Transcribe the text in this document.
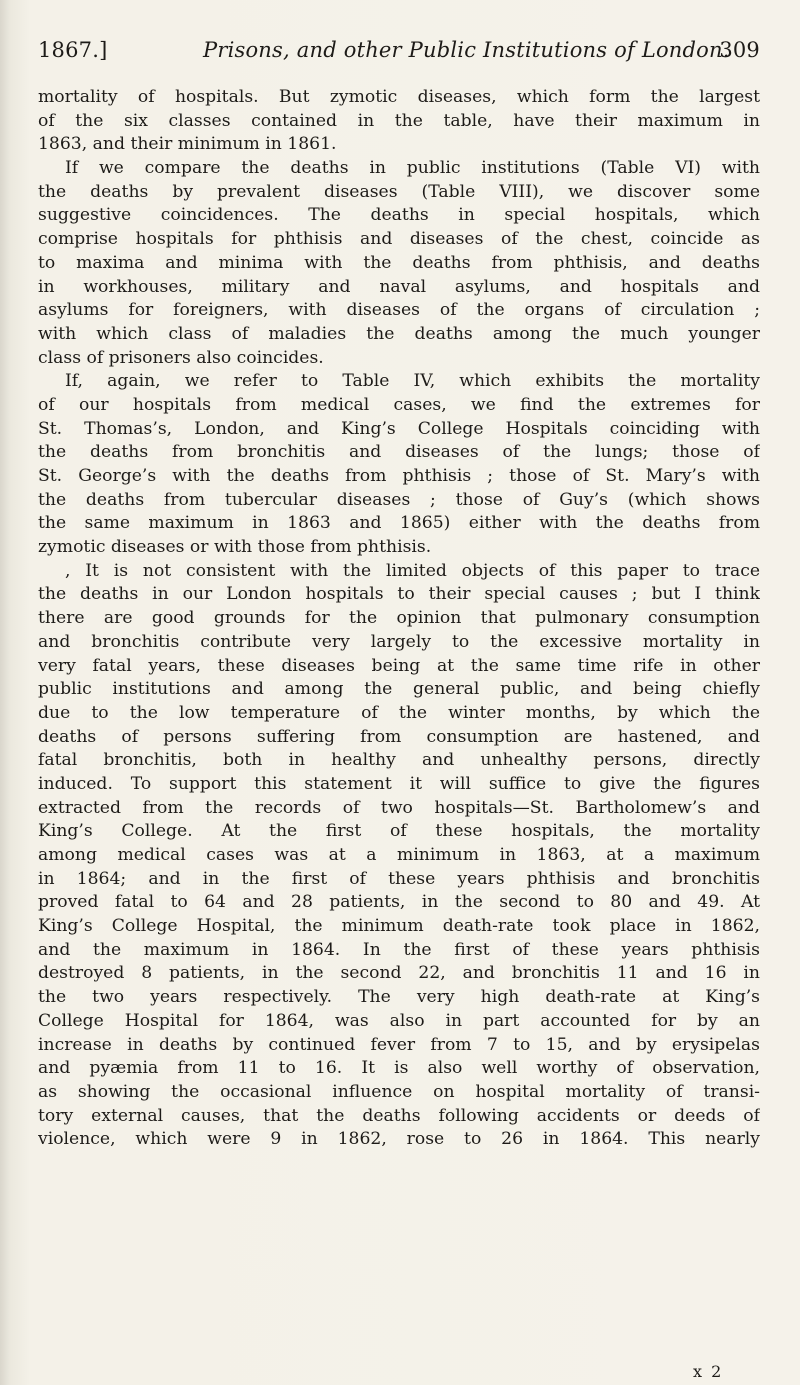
1867.]	Prisons, and other Public Institutions of London.
309
mortality of hospitals. But zymotic diseases, which form the largest
of the six classes contained in the table, have their maximum in
1863, and their minimum in 1861.
If we compare the deaths in public institutions (Table VI) with
the deaths by prevalent diseases (Table VIII), we discover some
suggestive coincidences. The deaths in special hospitals, which
comprise hospitals for phthisis and diseases of the chest, coincide as
to maxima and minima with the deaths from phthisis, and deaths
in workhouses, military and naval asylums, and hospitals and
asylums for foreigners, with diseases of the organs of circulation ;
with which class of maladies the deaths among the much younger
class of prisoners also coincides.
If, again, we refer to Table IV, which exhibits the mortality
of our hospitals from medical cases, we find the extremes for
St. Thomas’s, London, and King’s College Hospitals coinciding with
the deaths from bronchitis and diseases of the lungs; those of
St. George’s with the deaths from phthisis ; those of St. Mary’s with
the deaths from tubercular diseases ; those of Guy’s (which shows
the same maximum in 1863 and 1865) either with the deaths from
zymotic diseases or with those from phthisis.
, It is not consistent with the limited objects of this paper to trace
the deaths in our London hospitals to their special causes ; but I think
there are good grounds for the opinion that pulmonary consumption
and bronchitis contribute very largely to the excessive mortality in
very fatal years, these diseases being at the same time rife in other
public institutions and among the general public, and being chiefly
due to the low temperature of the winter months, by which the
deaths of persons suffering from consumption are hastened, and
fatal bronchitis, both in healthy and unhealthy persons, directly
induced. To support this statement it will suffice to give the figures
extracted from the records of two hospitals—St. Bartholomew’s and
King’s College. At the first of these hospitals, the mortality
among medical cases was at a minimum in 1863, at a maximum
in 1864; and in the first of these years phthisis and bronchitis
proved fatal to 64 and 28 patients, in the second to 80 and 49. At
King’s College Hospital, the minimum death-rate took place in 1862,
and the maximum in 1864. In the first of these years phthisis
destroyed 8 patients, in the second 22, and bronchitis 11 and 16 in
the two years respectively. The very high death-rate at King’s
College Hospital for 1864, was also in part accounted for by an
increase in deaths by continued fever from 7 to 15, and by erysipelas
and pyæmia from 11 to 16. It is also well worthy of observation,
as showing the occasional influence on hospital mortality of transi-
tory external causes, that the deaths following accidents or deeds of
violence, which were 9 in 1862, rose to 26 in 1864. This nearly
x 2
